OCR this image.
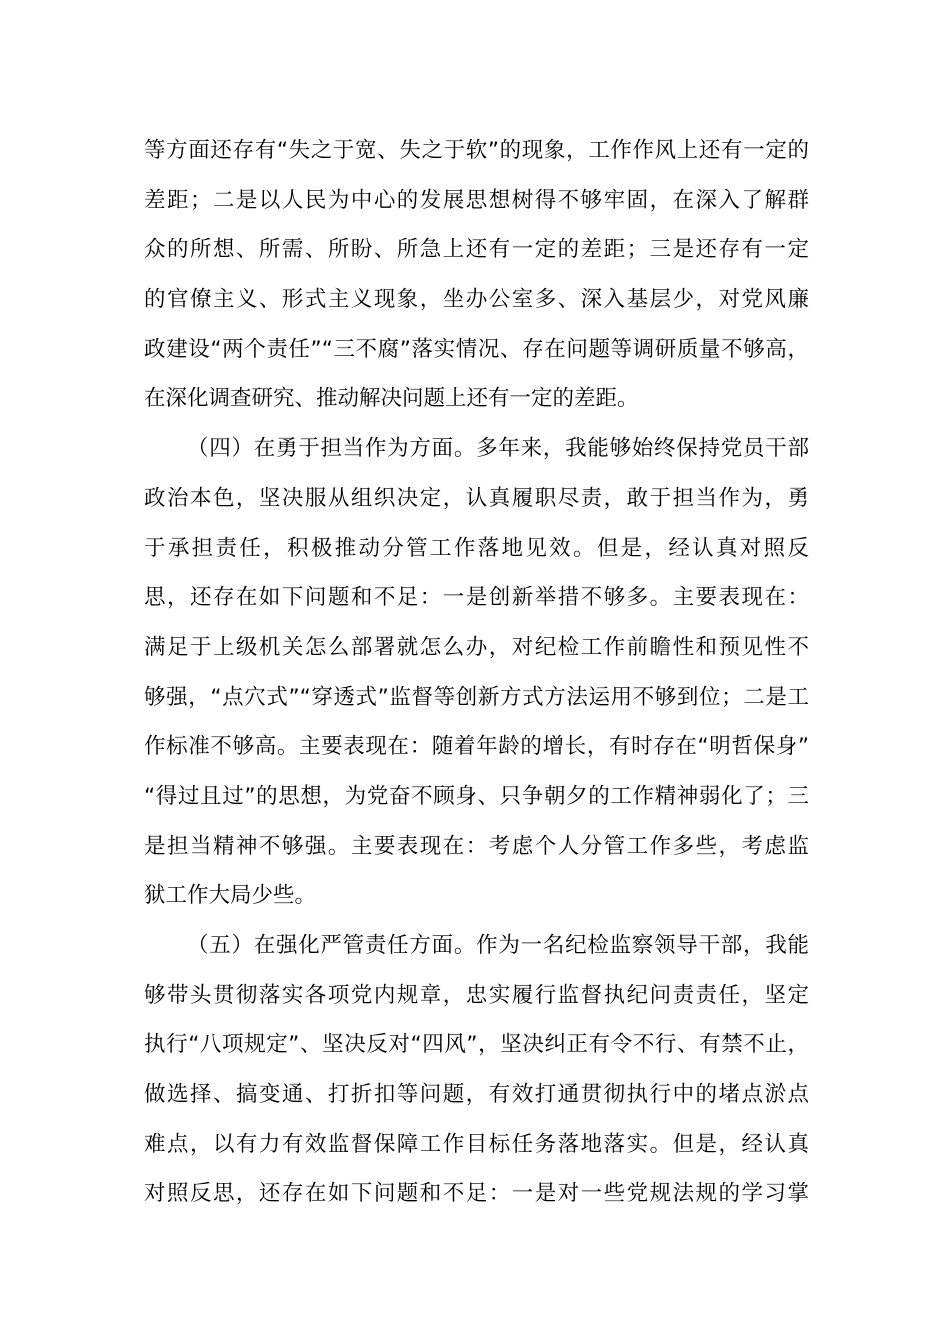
等方面还存有“失之于宽、失之于软”的现象，工作作风上还有一定的
差距；二是以人民为中心的发展思想树得不够牢固，在深入了解群
众的所想、所需、所盼、所急上还有一定的差距；三是还存有一定
的官僚主义、形式主义现象，坐办公室多、深入基层少，对党风廉
政建设“两个责任”“三不腐”落实情况、存在问题等调研质量不够高，
在深化调查研究、推动解决问题上还有一定的差距。
（四）在勇于担当作为方面。多年来，我能够始终保持党员干部
政治本色，坚决服从组织决定，认真履职尽责，敢于担当作为，勇
于承担责任，积极推动分管工作落地见效。但是，经认真对照反
思，还存在如下问题和不足：一是创新举措不够多。主要表现在：
满足于上级机关怎么部署就怎么办，对纪检工作前瞻性和预见性不
够强，“点穴式”“穿透式”监督等创新方式方法运用不够到位；二是工
作标准不够高。主要表现在：随着年龄的增长，有时存在“明哲保身”
“得过且过”的思想，为党奋不顾身、只争朝夕的工作精神弱化了；三
是担当精神不够强。主要表现在：考虑个人分管工作多些，考虑监
狱工作大局少些。
（五）在强化严管责任方面。作为一名纪检监察领导干部，我能
够带头贯彻落实各项党内规章，忠实履行监督执纪问责责任，坚定
执行“八项规定”、坚决反对“四风”，坚决纠正有令不行、有禁不止，
做选择、搞变通、打折扣等问题，有效打通贯彻执行中的堵点淤点
难点，以有力有效监督保障工作目标任务落地落实。但是，经认真
对照反思，还存在如下问题和不足：一是对一些党规法规的学习掌
